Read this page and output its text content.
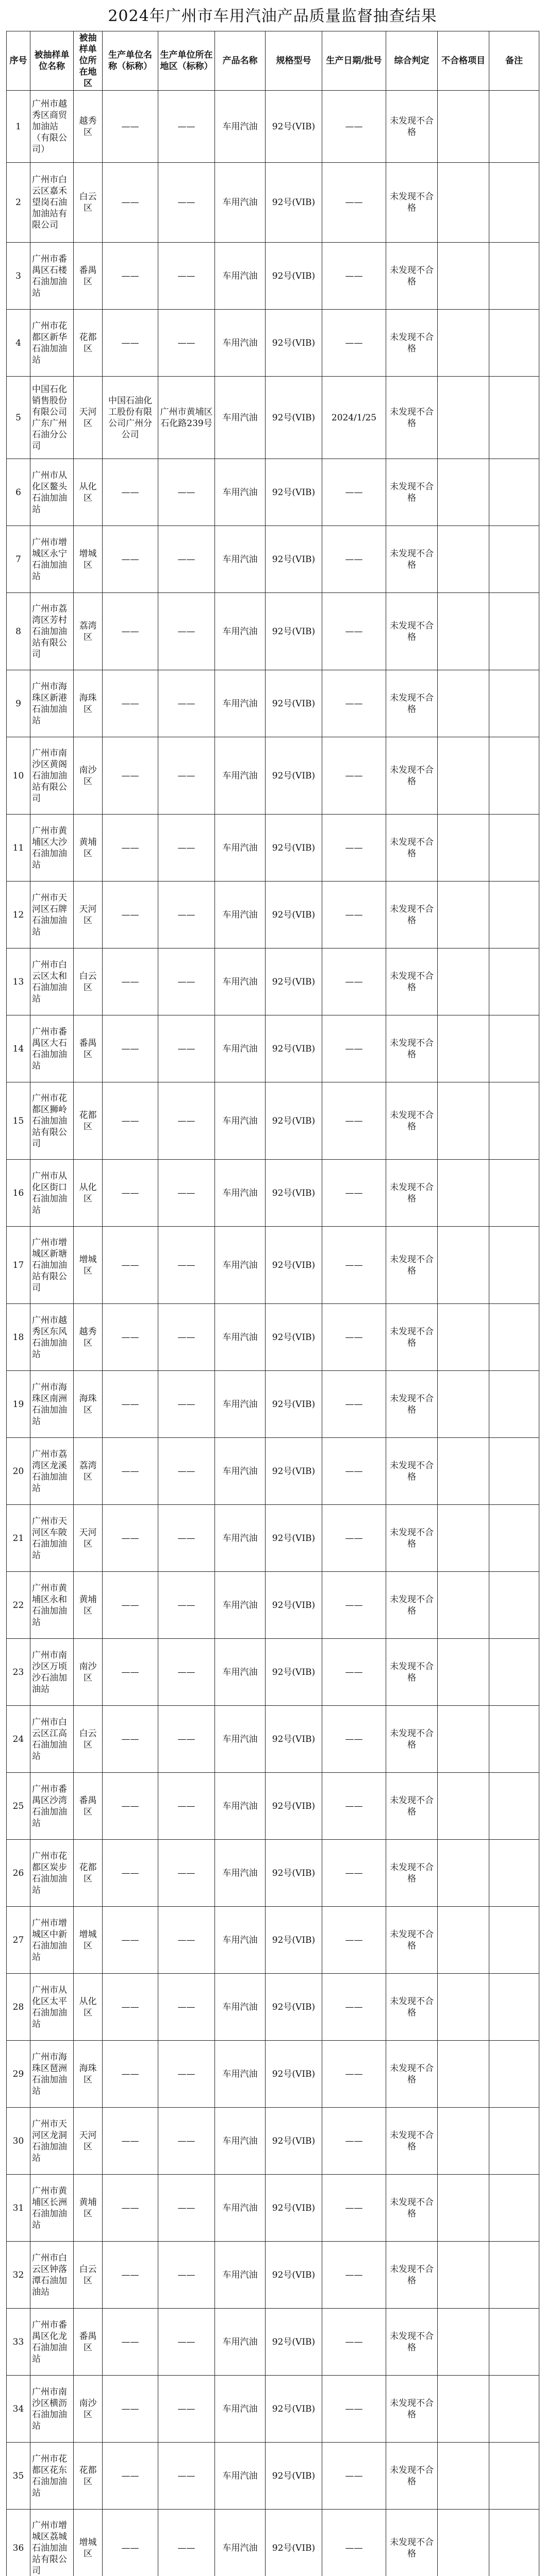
2024年广州市车用汽油产品质量监督抽查结果
序号	被抽样单位名称	被抽样单位所在地区	生产单位名称（标称）	生产单位所在地区（标称）	产品名称	规格型号	生产日期/批号	综合判定	不合格项目	备注
1	广州市越秀区商贸加油站（有限公司）	越秀区	——	——	车用汽油	92号(VIB)	——	未发现不合格		
2	广州市白云区嘉禾望岗石油加油站有限公司	白云区	——	——	车用汽油	92号(VIB)	——	未发现不合格		
3	广州市番禺区石楼石油加油站	番禺区	——	——	车用汽油	92号(VIB)	——	未发现不合格		
4	广州市花都区新华石油加油站	花都区	——	——	车用汽油	92号(VIB)	——	未发现不合格		
5	中国石化销售股份有限公司广东广州石油分公司	天河区	中国石油化工股份有限公司广州分公司	广州市黄埔区石化路239号	车用汽油	92号(VIB)	2024/1/25	未发现不合格		
6	广州市从化区鳌头石油加油站	从化区	——	——	车用汽油	92号(VIB)	——	未发现不合格		
7	广州市增城区永宁石油加油站	增城区	——	——	车用汽油	92号(VIB)	——	未发现不合格		
8	广州市荔湾区芳村石油加油站有限公司	荔湾区	——	——	车用汽油	92号(VIB)	——	未发现不合格		
9	广州市海珠区新港石油加油站	海珠区	——	——	车用汽油	92号(VIB)	——	未发现不合格		
10	广州市南沙区黄阁石油加油站有限公司	南沙区	——	——	车用汽油	92号(VIB)	——	未发现不合格		
11	广州市黄埔区大沙石油加油站	黄埔区	——	——	车用汽油	92号(VIB)	——	未发现不合格		
12	广州市天河区石牌石油加油站	天河区	——	——	车用汽油	92号(VIB)	——	未发现不合格		
13	广州市白云区太和石油加油站	白云区	——	——	车用汽油	92号(VIB)	——	未发现不合格		
14	广州市番禺区大石石油加油站	番禺区	——	——	车用汽油	92号(VIB)	——	未发现不合格		
15	广州市花都区狮岭石油加油站有限公司	花都区	——	——	车用汽油	92号(VIB)	——	未发现不合格		
16	广州市从化区街口石油加油站	从化区	——	——	车用汽油	92号(VIB)	——	未发现不合格		
17	广州市增城区新塘石油加油站有限公司	增城区	——	——	车用汽油	92号(VIB)	——	未发现不合格		
18	广州市越秀区东风石油加油站	越秀区	——	——	车用汽油	92号(VIB)	——	未发现不合格		
19	广州市海珠区南洲石油加油站	海珠区	——	——	车用汽油	92号(VIB)	——	未发现不合格		
20	广州市荔湾区龙溪石油加油站	荔湾区	——	——	车用汽油	92号(VIB)	——	未发现不合格		
21	广州市天河区车陂石油加油站	天河区	——	——	车用汽油	92号(VIB)	——	未发现不合格		
22	广州市黄埔区永和石油加油站	黄埔区	——	——	车用汽油	92号(VIB)	——	未发现不合格		
23	广州市南沙区万顷沙石油加油站	南沙区	——	——	车用汽油	92号(VIB)	——	未发现不合格		
24	广州市白云区江高石油加油站	白云区	——	——	车用汽油	92号(VIB)	——	未发现不合格		
25	广州市番禺区沙湾石油加油站	番禺区	——	——	车用汽油	92号(VIB)	——	未发现不合格		
26	广州市花都区炭步石油加油站	花都区	——	——	车用汽油	92号(VIB)	——	未发现不合格		
27	广州市增城区中新石油加油站	增城区	——	——	车用汽油	92号(VIB)	——	未发现不合格		
28	广州市从化区太平石油加油站	从化区	——	——	车用汽油	92号(VIB)	——	未发现不合格		
29	广州市海珠区琶洲石油加油站	海珠区	——	——	车用汽油	92号(VIB)	——	未发现不合格		
30	广州市天河区龙洞石油加油站	天河区	——	——	车用汽油	92号(VIB)	——	未发现不合格		
31	广州市黄埔区长洲石油加油站	黄埔区	——	——	车用汽油	92号(VIB)	——	未发现不合格		
32	广州市白云区钟落潭石油加油站	白云区	——	——	车用汽油	92号(VIB)	——	未发现不合格		
33	广州市番禺区化龙石油加油站	番禺区	——	——	车用汽油	92号(VIB)	——	未发现不合格		
34	广州市南沙区横沥石油加油站	南沙区	——	——	车用汽油	92号(VIB)	——	未发现不合格		
35	广州市花都区花东石油加油站	花都区	——	——	车用汽油	92号(VIB)	——	未发现不合格		
36	广州市增城区荔城石油加油站有限公司	增城区	——	——	车用汽油	92号(VIB)	——	未发现不合格		
